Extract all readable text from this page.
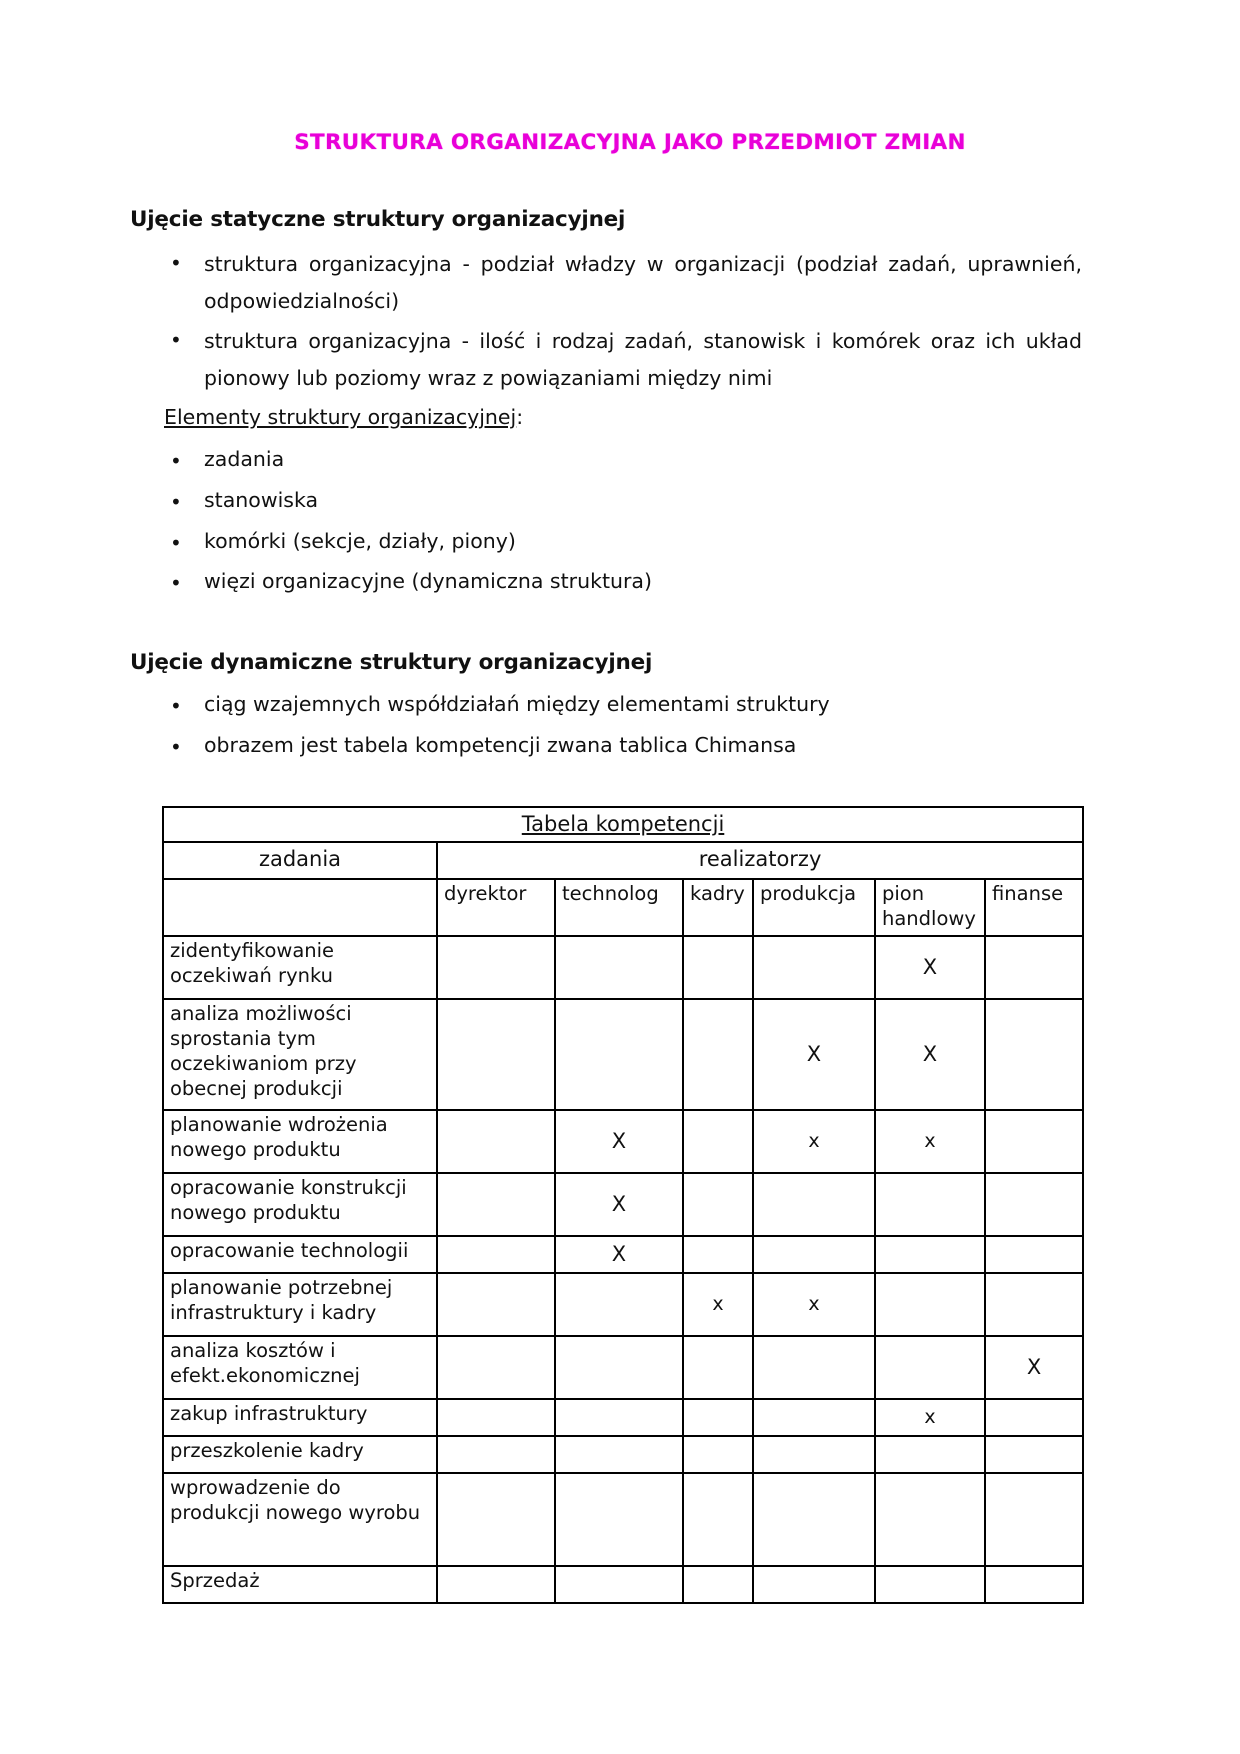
STRUKTURA ORGANIZACYJNA JAKO PRZEDMIOT ZMIAN
Ujęcie statyczne struktury organizacyjnej
• struktura organizacyjna - podział władzy w organizacji (podział zadań, uprawnień, odpowiedzialności)
• struktura organizacyjna - ilość i rodzaj zadań, stanowisk i komórek oraz ich układ pionowy lub poziomy wraz z powiązaniami między nimi
Elementy struktury organizacyjnej:
• zadania
• stanowiska
• komórki (sekcje, działy, piony)
• więzi organizacyjne (dynamiczna struktura)
Ujęcie dynamiczne struktury organizacyjnej
• ciąg wzajemnych współdziałań między elementami struktury
• obrazem jest tabela kompetencji zwana tablica Chimansa
Tabela kompetencji						
zadania	realizatorzy					
	dyrektor	technolog	kadry	produkcja	pion handlowy	finanse
zidentyfikowanie oczekiwań rynku					X	
analiza możliwości sprostania tym oczekiwaniom przy obecnej produkcji				X	X	
planowanie wdrożenia nowego produktu		X		x	x	
opracowanie konstrukcji nowego produktu		X				
opracowanie technologii		X				
planowanie potrzebnej infrastruktury i kadry			x	x		
analiza kosztów i efekt.ekonomicznej						X
zakup infrastruktury					x	
przeszkolenie kadry						
wprowadzenie do produkcji nowego wyrobu						
Sprzedaż						
